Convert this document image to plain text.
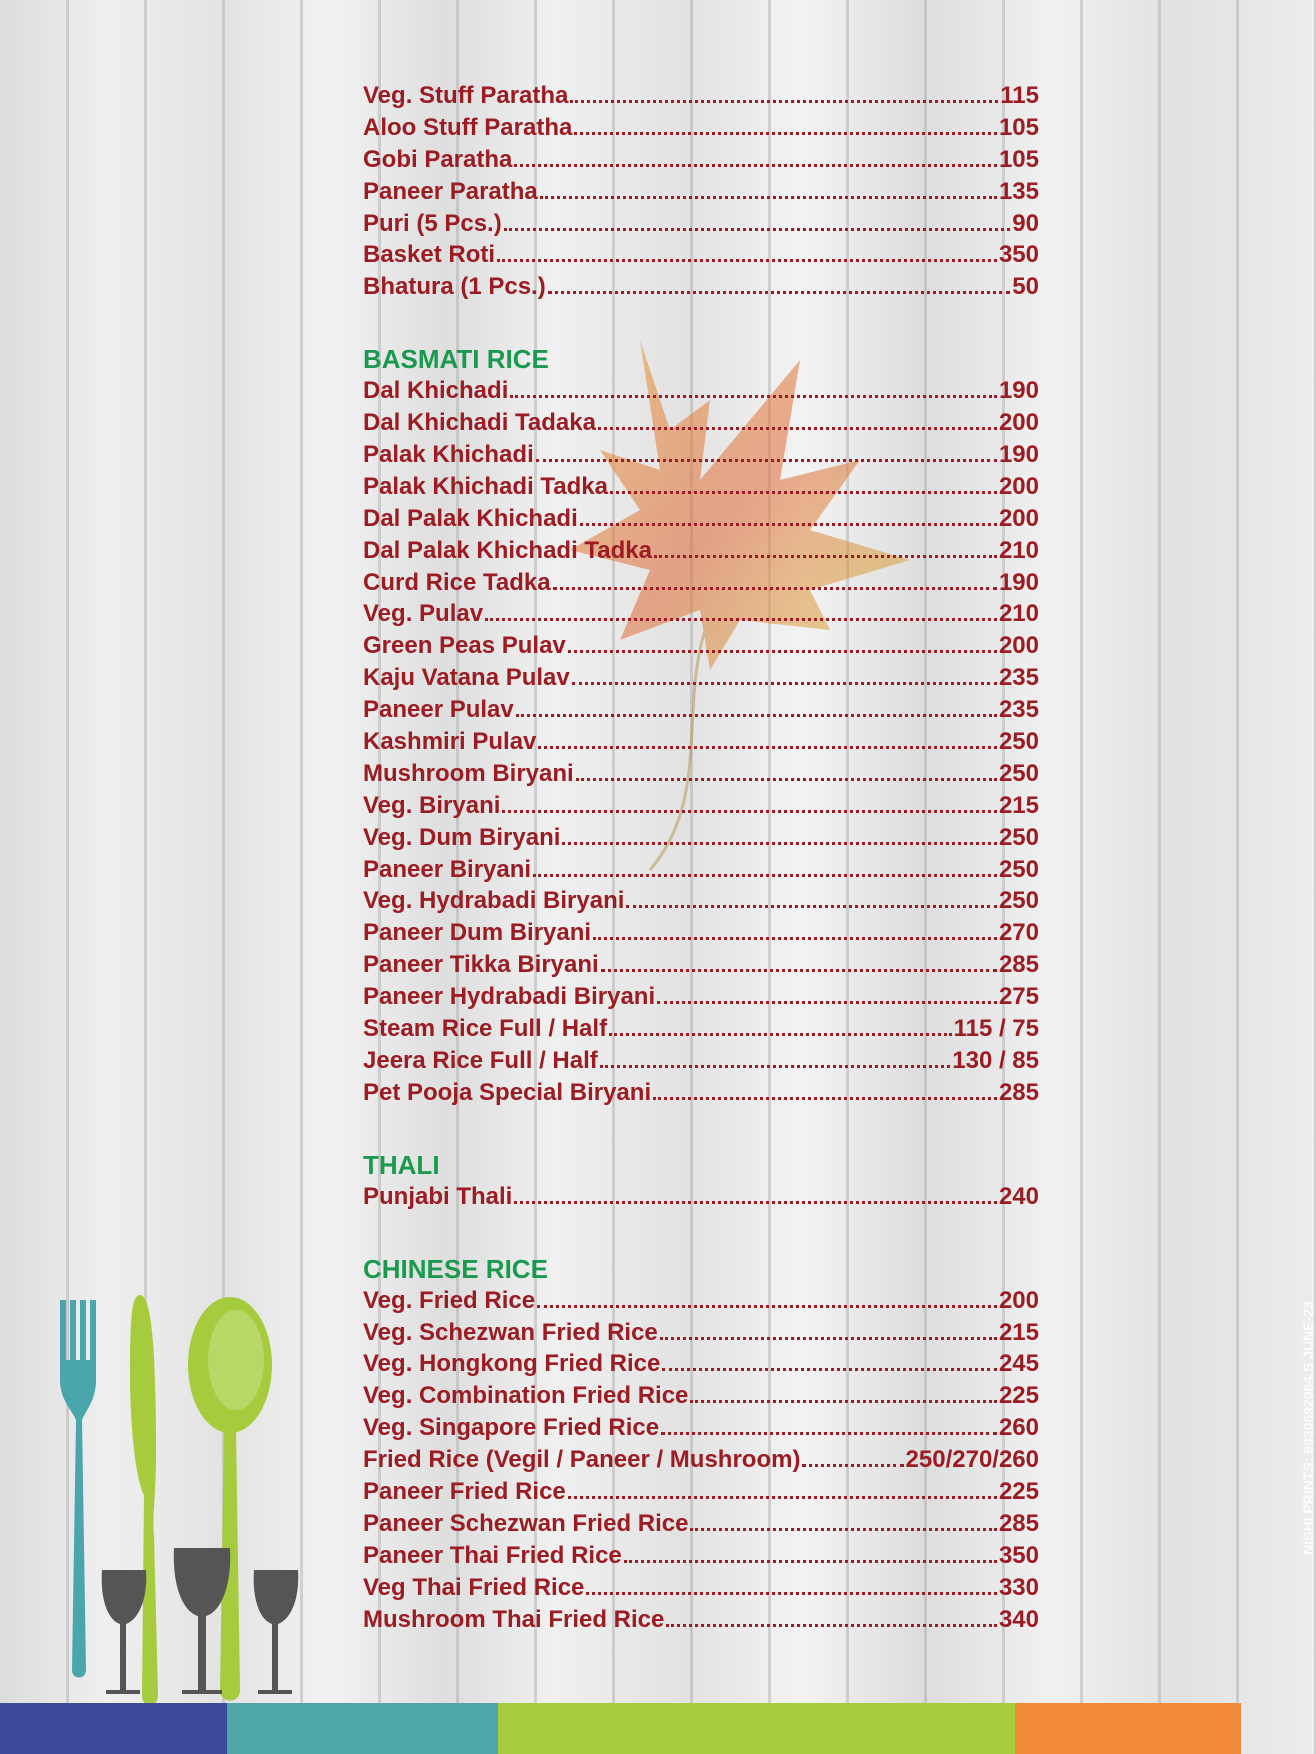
Veg. Stuff Paratha	115
Aloo Stuff Paratha	105
Gobi Paratha	105
Paneer Paratha	135
Puri (5 Pcs.)	90
Basket Roti	350
Bhatura (1 Pcs.)	50
BASMATI RICE
Dal Khichadi	190
Dal Khichadi Tadaka	200
Palak Khichadi	190
Palak Khichadi Tadka	200
Dal Palak Khichadi	200
Dal Palak Khichadi Tadka	210
Curd Rice Tadka	190
Veg. Pulav	210
Green Peas Pulav	200
Kaju Vatana Pulav	235
Paneer Pulav	235
Kashmiri Pulav	250
Mushroom Biryani	250
Veg. Biryani	215
Veg. Dum Biryani	250
Paneer Biryani	250
Veg. Hydrabadi Biryani	250
Paneer Dum Biryani	270
Paneer Tikka Biryani	285
Paneer Hydrabadi Biryani	275
Steam Rice Full / Half	115 / 75
Jeera Rice Full / Half	130 / 85
Pet Pooja Special Biryani	285
THALI
Punjabi Thali	240
CHINESE RICE
Veg. Fried Rice	200
Veg. Schezwan Fried Rice	215
Veg. Hongkong Fried Rice	245
Veg. Combination Fried Rice	225
Veg. Singapore Fried Rice	260
Fried Rice (Vegil / Paneer / Mushroom)	250/270/260
Paneer Fried Rice	225
Paneer Schezwan Fried Rice	285
Paneer Thai Fried Rice	350
Veg Thai Fried Rice	330
Mushroom Thai Fried Rice	340
NISHI PRINTS: 9930692964 S JUNE-23
